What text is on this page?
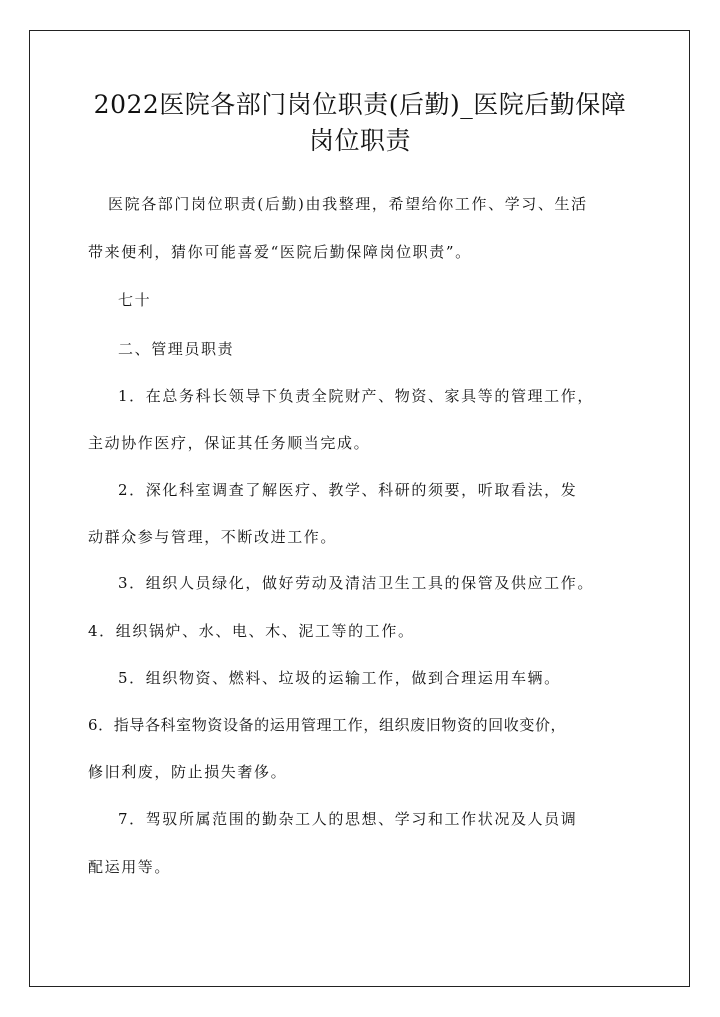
2022医院各部门岗位职责(后勤)_医院后勤保障
岗位职责
医院各部门岗位职责(后勤)由我整理，希望给你工作、学习、生活
带来便利，猜你可能喜爱“医院后勤保障岗位职责”。
七十
二、管理员职责
1．在总务科长领导下负责全院财产、物资、家具等的管理工作，
主动协作医疗，保证其任务顺当完成。
2．深化科室调查了解医疗、教学、科研的须要，听取看法，发
动群众参与管理，不断改进工作。
3．组织人员绿化，做好劳动及清洁卫生工具的保管及供应工作。
4．组织锅炉、水、电、木、泥工等的工作。
5．组织物资、燃料、垃圾的运输工作，做到合理运用车辆。
6．指导各科室物资设备的运用管理工作，组织废旧物资的回收变价，
修旧利废，防止损失奢侈。
7．驾驭所属范围的勤杂工人的思想、学习和工作状况及人员调
配运用等。
